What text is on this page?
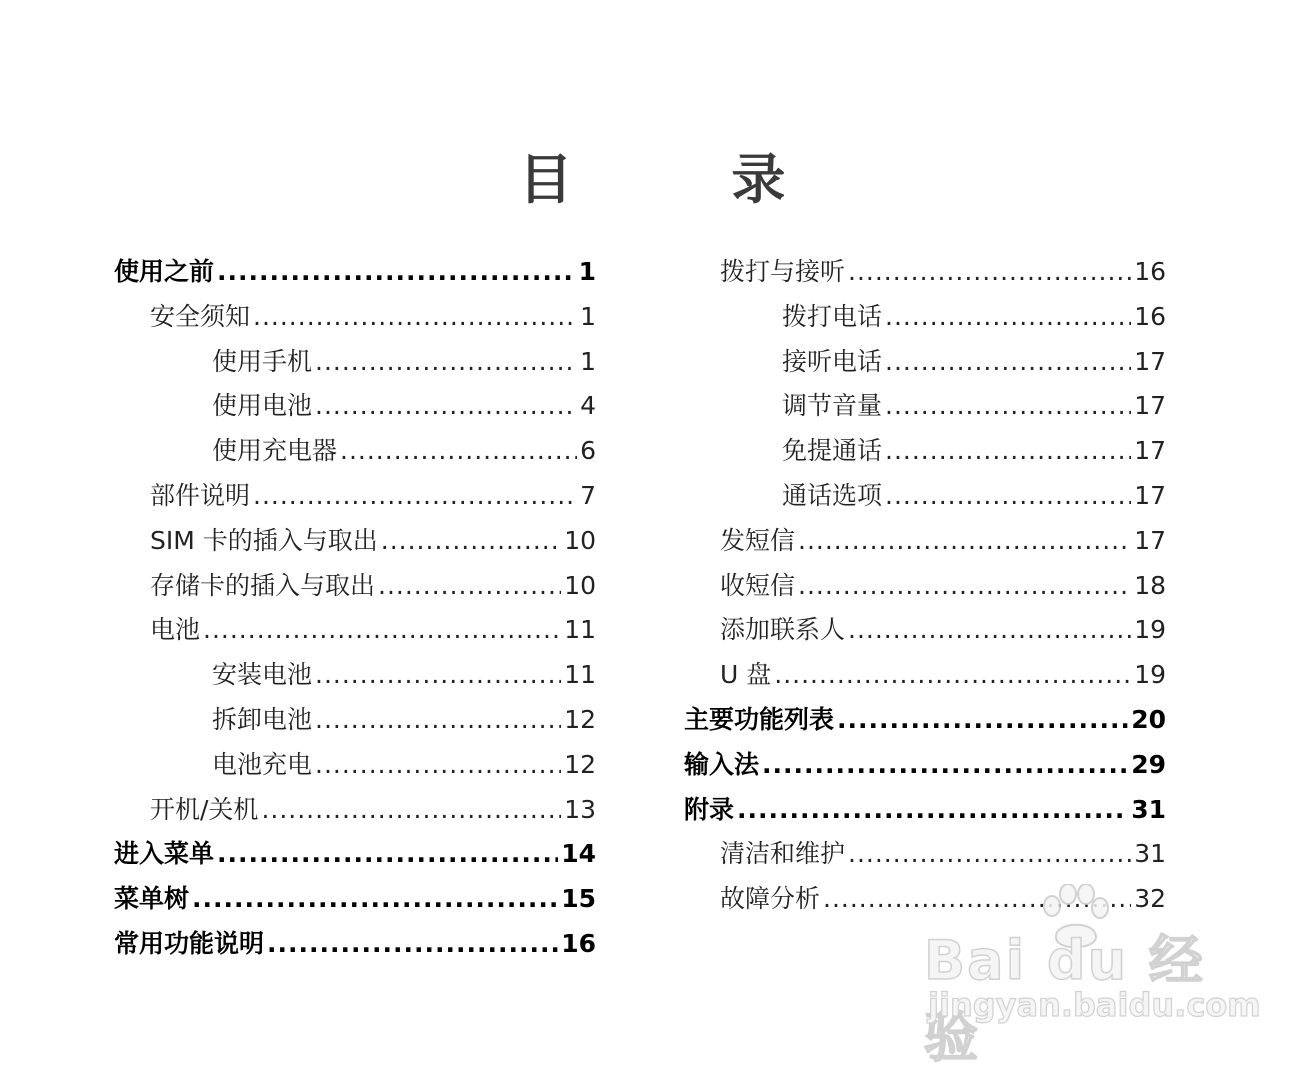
目 录
使用之前 .....	1
安全须知 .....	1
使用手机 .....	1
使用电池 .....	4
使用充电器 .....	6
部件说明 .....	7
SIM 卡的插入与取出 .....	10
存储卡的插入与取出 .....	10
电池 .....	11
安装电池 .....	11
拆卸电池 .....	12
电池充电 .....	12
开机/关机 .....	13
进入菜单 .....	14
菜单树 .....	15
常用功能说明 .....	16
拨打与接听 .....	16
拨打电话 .....	16
接听电话 .....	17
调节音量 .....	17
免提通话 .....	17
通话选项 .....	17
发短信 .....	17
收短信 .....	18
添加联系人 .....	19
U 盘 .....	19
主要功能列表 .....	20
输入法 .....	29
附录 .....	31
清洁和维护 .....	31
故障分析 .....	32
Bai du 经验
jingyan.baidu.com
